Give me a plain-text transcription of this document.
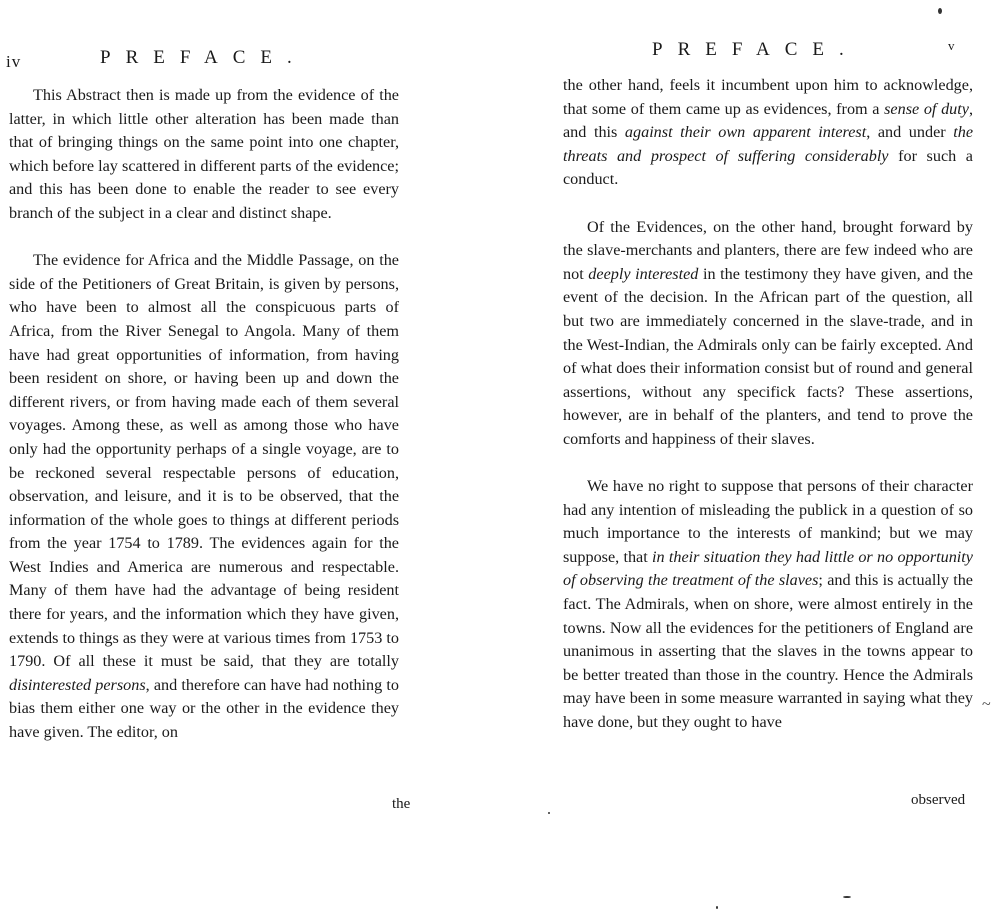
iv	PREFACE.

This Abstract then is made up from the evidence of the latter, in which little other alteration has been made than that of bringing things on the same point into one chapter, which before lay scattered in different parts of the evidence; and this has been done to enable the reader to see every branch of the subject in a clear and distinct shape.

The evidence for Africa and the Middle Passage, on the side of the Petitioners of Great Britain, is given by persons, who have been to almost all the conspicuous parts of Africa, from the River Senegal to Angola. Many of them have had great opportunities of information, from having been resident on shore, or having been up and down the different rivers, or from having made each of them several voyages. Among these, as well as among those who have only had the opportunity perhaps of a single voyage, are to be reckoned several respectable persons of education, observation, and leisure, and it is to be observed, that the information of the whole goes to things at different periods from the year 1754 to 1789. The evidences again for the West Indies and America are numerous and respectable. Many of them have had the advantage of being resident there for years, and the information which they have given, extends to things as they were at various times from 1753 to 1790. Of all these it must be said, that they are totally disinterested persons, and therefore can have had nothing to bias them either one way or the other in the evidence they have given. The editor, on

the
PREFACE.	v

the other hand, feels it incumbent upon him to acknowledge, that some of them came up as evidences, from a sense of duty, and this against their own apparent interest, and under the threats and prospect of suffering considerably for such a conduct.

Of the Evidences, on the other hand, brought forward by the slave-merchants and planters, there are few indeed who are not deeply interested in the testimony they have given, and the event of the decision. In the African part of the question, all but two are immediately concerned in the slave-trade, and in the West-Indian, the Admirals only can be fairly excepted. And of what does their information consist but of round and general assertions, without any specifick facts? These assertions, however, are in behalf of the planters, and tend to prove the comforts and happiness of their slaves.

We have no right to suppose that persons of their character had any intention of misleading the publick in a question of so much importance to the interests of mankind; but we may suppose, that in their situation they had little or no opportunity of observing the treatment of the slaves; and this is actually the fact. The Admirals, when on shore, were almost entirely in the towns. Now all the evidences for the petitioners of England are unanimous in asserting that the slaves in the towns appear to be better treated than those in the country. Hence the Admirals may have been in some measure warranted in saying what they have done, but they ought to have

observed
~
